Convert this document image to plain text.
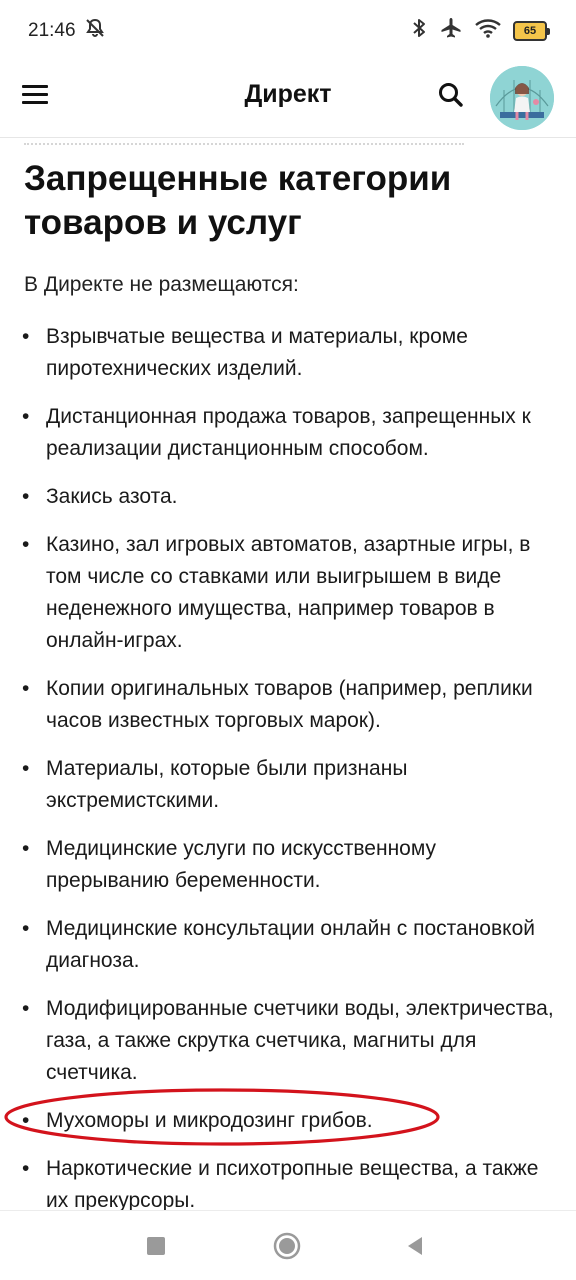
21:46	65
Директ
Запрещенные категории товаров и услуг

В Директе не размещаются:

• Взрывчатые вещества и материалы, кроме пиротехнических изделий.
• Дистанционная продажа товаров, запрещенных к реализации дистанционным способом.
• Закись азота.
• Казино, зал игровых автоматов, азартные игры, в том числе со ставками или выигрышем в виде неденежного имущества, например товаров в онлайн-играх.
• Копии оригинальных товаров (например, реплики часов известных торговых марок).
• Материалы, которые были признаны экстремистскими.
• Медицинские услуги по искусственному прерыванию беременности.
• Медицинские консультации онлайн с постановкой диагноза.
• Модифицированные счетчики воды, электричества, газа, а также скрутка счетчика, магниты для счетчика.
• Мухоморы и микродозинг грибов.
• Наркотические и психотропные вещества, а также их прекурсоры.
